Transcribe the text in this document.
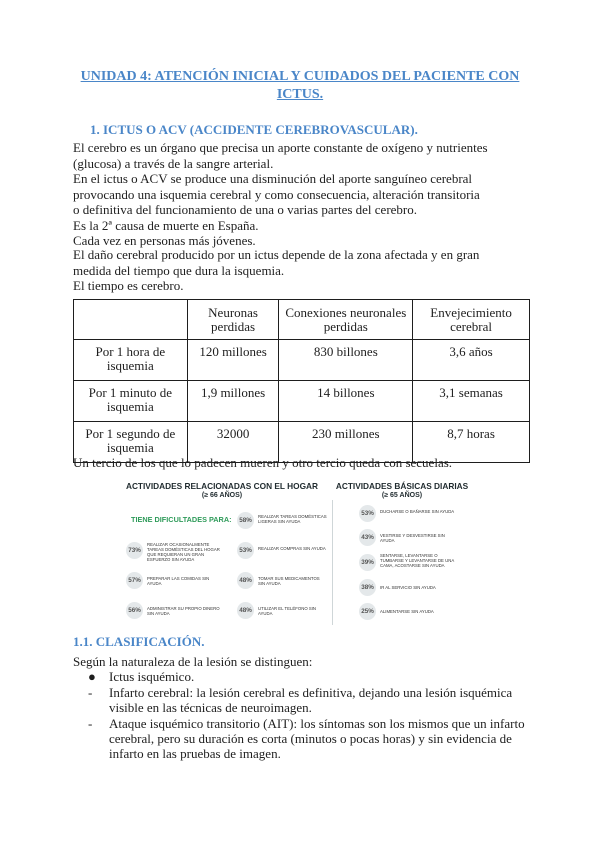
UNIDAD 4: ATENCIÓN INICIAL Y CUIDADOS DEL PACIENTE CON ICTUS.
1. ICTUS O ACV (ACCIDENTE CEREBROVASCULAR).
El cerebro es un órgano que precisa un aporte constante de oxígeno y nutrientes
(glucosa) a través de la sangre arterial.
En el ictus o ACV se produce una disminución del aporte sanguíneo cerebral
provocando una isquemia cerebral y como consecuencia, alteración transitoria
o definitiva del funcionamiento de una o varias partes del cerebro.
Es la 2ª causa de muerte en España.
Cada vez en personas más jóvenes.
El daño cerebral producido por un ictus depende de la zona afectada y en gran
medida del tiempo que dura la isquemia.
El tiempo es cerebro.
	Neuronas perdidas	Conexiones neuronales perdidas	Envejecimiento cerebral
Por 1 hora de isquemia	120 millones	830 billones	3,6 años
Por 1 minuto de isquemia	1,9 millones	14 billones	3,1 semanas
Por 1 segundo de isquemia	32000	230 millones	8,7 horas
Un tercio de los que lo padecen mueren y otro tercio queda con secuelas.
ACTIVIDADES RELACIONADAS CON EL HOGAR
(≥ 66 AÑOS)
ACTIVIDADES BÁSICAS DIARIAS
(≥ 65 AÑOS)
TIENE DIFICULTADES PARA:
73%
REALIZAR OCASIONALMENTE TAREAS DOMÉSTICAS DEL HOGAR QUE REQUIERAN UN GRAN ESFUERZO SIN AYUDA
57%	PREPARAR LAS COMIDAS SIN AYUDA
56%	ADMINISTRAR SU PROPIO DINERO SIN AYUDA
58%
REALIZAR TAREAS DOMÉSTICAS LIGERAS SIN AYUDA
53%	REALIZAR COMPRAS SIN AYUDA
48%	TOMAR SUS MEDICAMENTOS SIN AYUDA
48%	UTILIZAR EL TELÉFONO SIN AYUDA
53%	DUCHARSE O BAÑARSE SIN AYUDA
43%	VESTIRSE Y DESVESTIRSE SIN AYUDA
39%
SENTARSE, LEVANTARSE O TUMBARSE Y LEVANTARSE DE UNA CAMA, ACOSTARSE SIN AYUDA
38%	IR AL SERVICIO SIN AYUDA
25%	ALIMENTARSE SIN AYUDA
1.1. CLASIFICACIÓN.
Según la naturaleza de la lesión se distinguen:
● Ictus isquémico.
- Infarto cerebral: la lesión cerebral es definitiva, dejando una lesión isquémica visible en las técnicas de neuroimagen.
- Ataque isquémico transitorio (AIT): los síntomas son los mismos que un infarto cerebral, pero su duración es corta (minutos o pocas horas) y sin evidencia de infarto en las pruebas de imagen.
